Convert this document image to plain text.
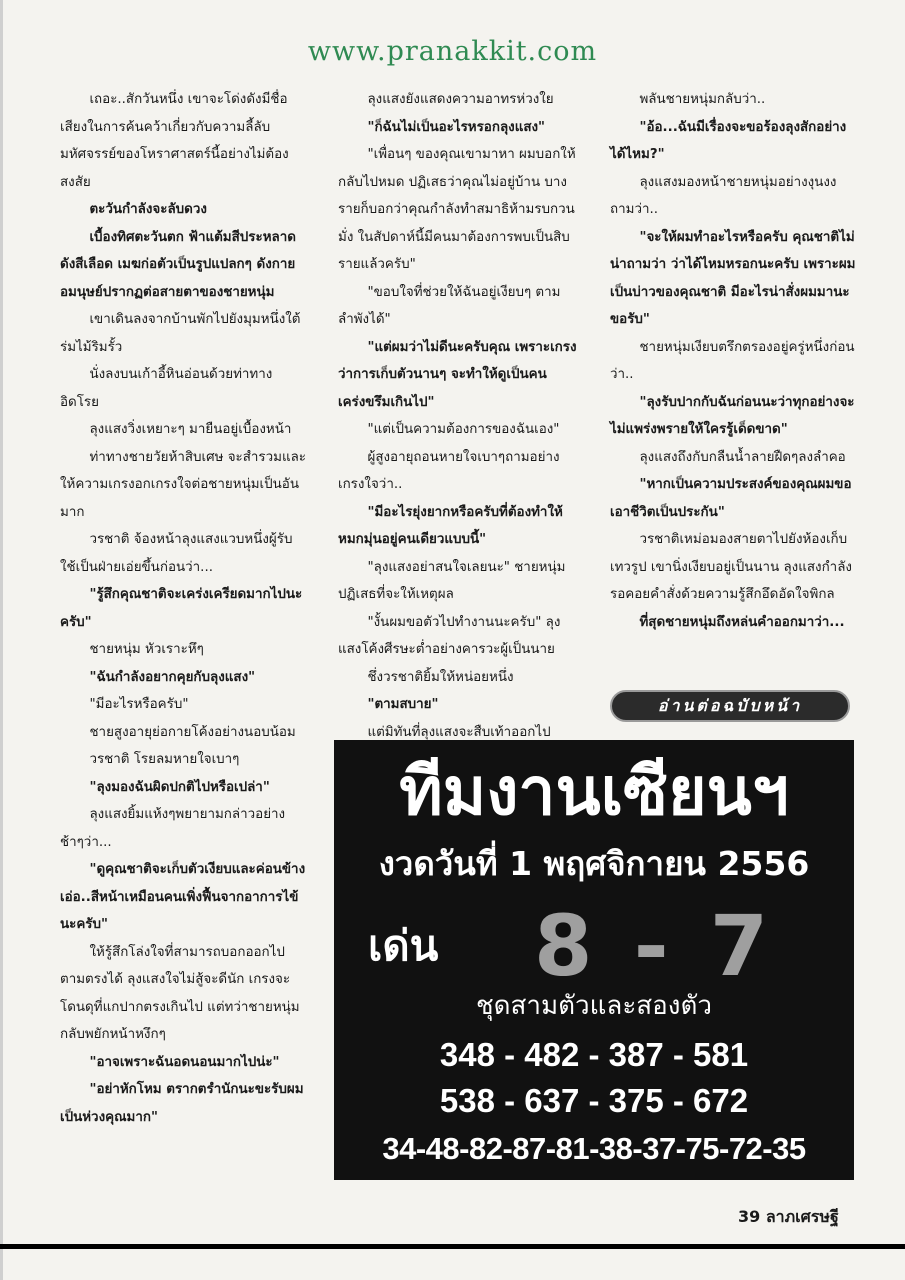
www.pranakkit.com

เถอะ..สักวันหนึ่ง เขาจะโด่งดังมีชื่อเสียงในการค้นคว้าเกี่ยวกับความลี้ลับมหัศจรรย์ของโหราศาสตร์นี้อย่างไม่ต้องสงสัย

ตะวันกำลังจะลับดวง

เบื้องทิศตะวันตก ฟ้าแต้มสีประหลาดดังสีเลือด เมฆก่อตัวเป็นรูปแปลกๆ ดังกายอมนุษย์ปรากฏต่อสายตาของชายหนุ่ม

เขาเดินลงจากบ้านพักไปยังมุมหนึ่งใต้ร่มไม้ริมรั้ว

นั่งลงบนเก้าอี้หินอ่อนด้วยท่าทางอิดโรย

ลุงแสงวิ่งเหยาะๆ มายืนอยู่เบื้องหน้า

ท่าทางชายวัยห้าสิบเศษ จะสำรวมและให้ความเกรงอกเกรงใจต่อชายหนุ่มเป็นอันมาก

วรชาติ จ้องหน้าลุงแสงแวบหนึ่งผู้รับใช้เป็นฝ่ายเอ่ยขึ้นก่อนว่า...

"รู้สึกคุณชาติจะเคร่งเครียดมากไปนะครับ"

ชายหนุ่ม หัวเราะหึๆ

"ฉันกำลังอยากคุยกับลุงแสง"

"มีอะไรหรือครับ"

ชายสูงอายุย่อกายโค้งอย่างนอบน้อม

วรชาติ โรยลมหายใจเบาๆ

"ลุงมองฉันผิดปกติไปหรือเปล่า"

ลุงแสงยิ้มแห้งๆพยายามกล่าวอย่างช้าๆว่า...

"ดูคุณชาติจะเก็บตัวเงียบและค่อนข้าง เอ่อ..สีหน้าเหมือนคนเพิ่งฟื้นจากอาการไข้นะครับ"

ให้รู้สึกโล่งใจที่สามารถบอกออกไปตามตรงได้ ลุงแสงใจไม่สู้จะดีนัก เกรงจะโดนดุที่แกปากตรงเกินไป แต่ทว่าชายหนุ่มกลับพยักหน้าหงึกๆ

"อาจเพราะฉันอดนอนมากไปน่ะ"

"อย่าหักโหม ตรากตรำนักนะขะรับผมเป็นห่วงคุณมาก"

ลุงแสงยังแสดงความอาทรห่วงใย

"ก็ฉันไม่เป็นอะไรหรอกลุงแสง"

"เพื่อนๆ ของคุณเขามาหา ผมบอกให้กลับไปหมด ปฏิเสธว่าคุณไม่อยู่บ้าน บางรายก็บอกว่าคุณกำลังทำสมาธิห้ามรบกวนมั่ง ในสัปดาห์นี้มีคนมาต้องการพบเป็นสิบรายแล้วครับ"

"ขอบใจที่ช่วยให้ฉันอยู่เงียบๆ ตามลำพังได้"

"แต่ผมว่าไม่ดีนะครับคุณ เพราะเกรงว่าการเก็บตัวนานๆ จะทำให้ดูเป็นคนเคร่งขรึมเกินไป"

"แต่เป็นความต้องการของฉันเอง"

ผู้สูงอายุถอนหายใจเบาๆถามอย่างเกรงใจว่า..

"มีอะไรยุ่งยากหรือครับที่ต้องทำให้หมกมุ่นอยู่คนเดียวแบบนี้"

"ลุงแสงอย่าสนใจเลยนะ" ชายหนุ่มปฏิเสธที่จะให้เหตุผล

"งั้นผมขอตัวไปทำงานนะครับ" ลุงแสงโค้งศีรษะต่ำอย่างคารวะผู้เป็นนาย

ชึ่งวรชาติยิ้มให้หน่อยหนึ่ง

"ตามสบาย"

แต่มิทันที่ลุงแสงจะสืบเท้าออกไป

พลันชายหนุ่มกลับว่า..

"อ้อ...ฉันมีเรื่องจะขอร้องลุงสักอย่างได้ไหม?"

ลุงแสงมองหน้าชายหนุ่มอย่างงุนงงถามว่า..

"จะให้ผมทำอะไรหรือครับ คุณชาติไม่น่าถามว่า ว่าได้ไหมหรอกนะครับ เพราะผมเป็นบ่าวของคุณชาติ มีอะไรน่าสั่งผมมานะขอรับ"

ชายหนุ่มเงียบตรึกตรองอยู่ครู่หนึ่งก่อนว่า..

"ลุงรับปากกับฉันก่อนนะว่าทุกอย่างจะไม่แพร่งพรายให้ใครรู้เด็ดขาด"

ลุงแสงถึงกับกลืนน้ำลายฝืดๆลงลำคอ

"หากเป็นความประสงค์ของคุณผมขอเอาชีวิตเป็นประกัน"

วรชาติเหม่อมองสายตาไปยังห้องเก็บเทวรูป เขานิ่งเงียบอยู่เป็นนาน ลุงแสงกำลังรอคอยคำสั่งด้วยความรู้สึกอึดอัดใจพิกล

ที่สุดชายหนุ่มถึงหล่นคำออกมาว่า...

อ่านต่อฉบับหน้า
ทีมงานเซียนฯ
งวดวันที่ 1 พฤศจิกายน 2556
เด่น 8 - 7
ชุดสามตัวและสองตัว
348 - 482 - 387 - 581
538 - 637 - 375 - 672
34-48-82-87-81-38-37-75-72-35
39 ลาภเศรษฐี
